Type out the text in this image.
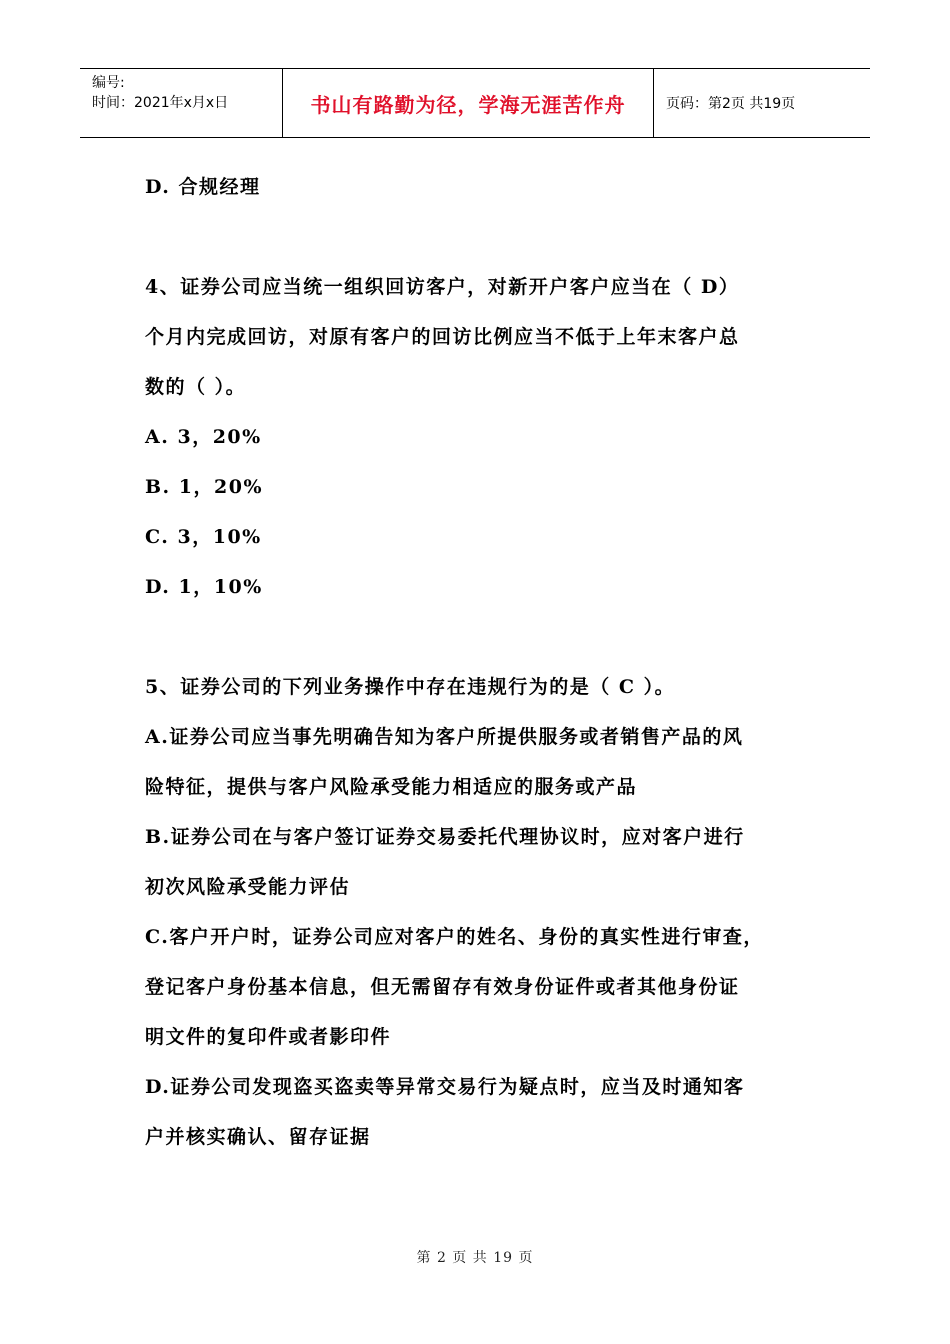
编号:
时间：2021年x月x日	书山有路勤为径，学海无涯苦作舟	页码：第2页 共19页
D. 合规经理
4、证券公司应当统一组织回访客户，对新开户客户应当在（ D）
个月内完成回访，对原有客户的回访比例应当不低于上年末客户总
数的（ ）。
A. 3，20%
B. 1，20%
C. 3，10%
D. 1，10%
5、证券公司的下列业务操作中存在违规行为的是（ C ）。
A.证券公司应当事先明确告知为客户所提供服务或者销售产品的风
险特征，提供与客户风险承受能力相适应的服务或产品
B.证券公司在与客户签订证券交易委托代理协议时，应对客户进行
初次风险承受能力评估
C.客户开户时，证券公司应对客户的姓名、身份的真实性进行审查，
登记客户身份基本信息，但无需留存有效身份证件或者其他身份证
明文件的复印件或者影印件
D.证券公司发现盗买盗卖等异常交易行为疑点时，应当及时通知客
户并核实确认、留存证据
第 2 页 共 19 页
